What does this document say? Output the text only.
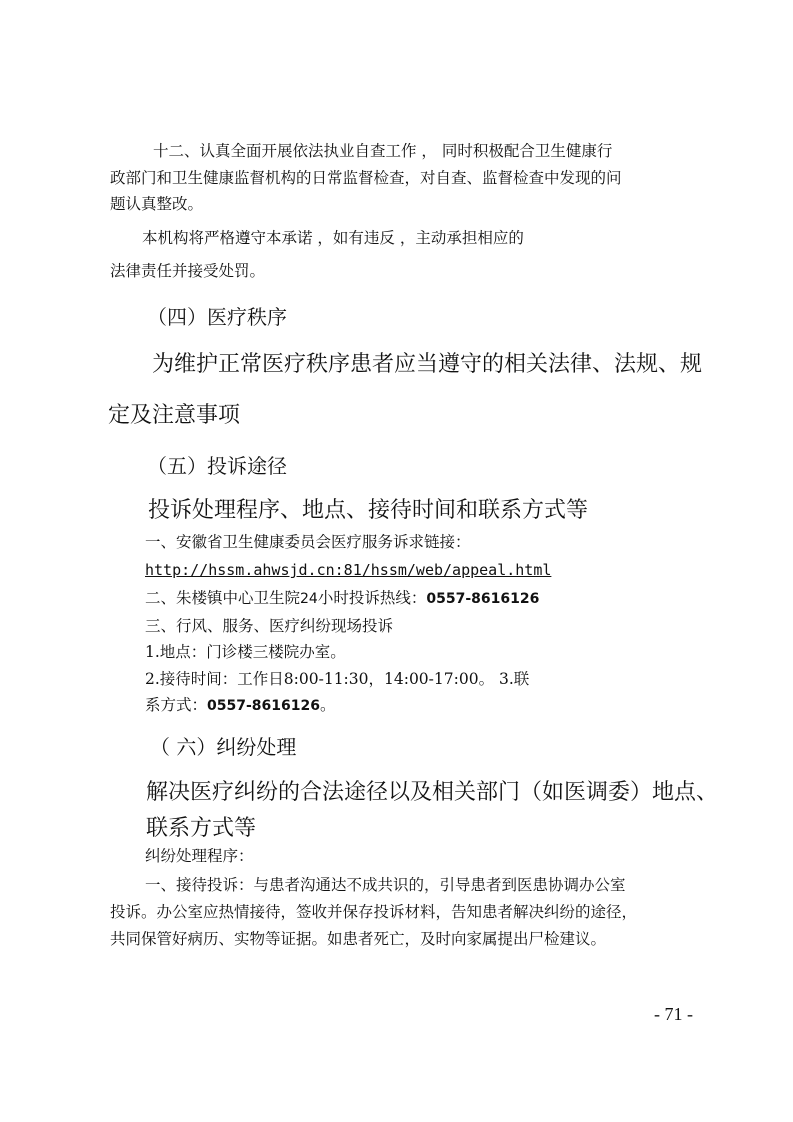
十二、认真全面开展依法执业自查工作 ， 同时积极配合卫生健康行
政部门和卫生健康监督机构的日常监督检查，对自查、监督检查中发现的问
题认真整改。
本机构将严格遵守本承诺 ，如有违反 ，主动承担相应的
法律责任并接受处罚。
（四）医疗秩序
为维护正常医疗秩序患者应当遵守的相关法律、法规、规
定及注意事项
（五）投诉途径
投诉处理程序、地点、接待时间和联系方式等
一、安徽省卫生健康委员会医疗服务诉求链接：
http://hssm.ahwsjd.cn:81/hssm/web/appeal.html
二、朱楼镇中心卫生院24小时投诉热线：0557-8616126
三、行风、服务、医疗纠纷现场投诉
1.地点：门诊楼三楼院办室。
2.接待时间：工作日8:00-11:30，14:00-17:00。 3.联
系方式：0557-8616126。
（ 六）纠纷处理
解决医疗纠纷的合法途径以及相关部门（如医调委）地点、
联系方式等
纠纷处理程序：
一、接待投诉：与患者沟通达不成共识的，引导患者到医患协调办公室
投诉。办公室应热情接待，签收并保存投诉材料，告知患者解决纠纷的途径，
共同保管好病历、实物等证据。如患者死亡，及时向家属提出尸检建议。
- 71 -
